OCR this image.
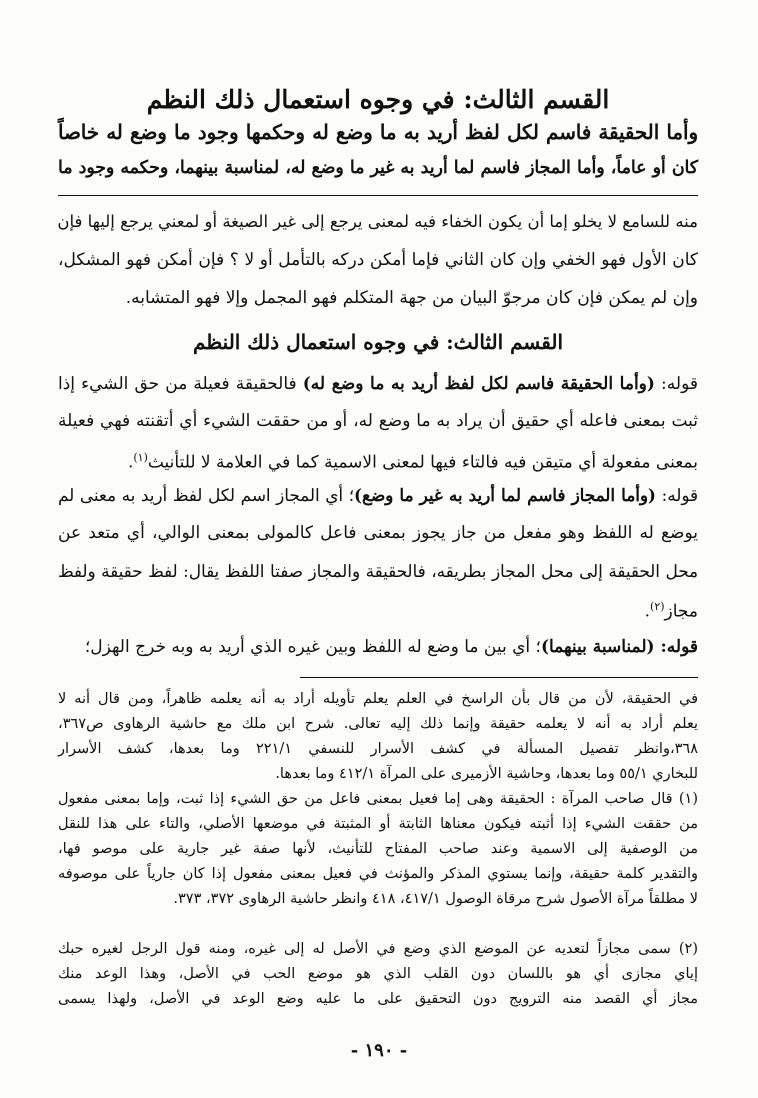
القسم الثالث: في وجوه استعمال ذلك النظم
وأما الحقيقة فاسم لكل لفظ أريد به ما وضع له وحكمها وجود ما وضع له خاصاً
كان أو عاماً، وأما المجاز فاسم لما أريد به غير ما وضع له، لمناسبة بينهما، وحكمه وجود ما
منه للسامع لا يخلو إما أن يكون الخفاء فيه لمعنى يرجع إلى غير الصيغة أو لمعني يرجع إليها فإن
كان الأول فهو الخفي وإن كان الثاني فإما أمكن دركه بالتأمل أو لا ؟ فإن أمكن فهو المشكل،
وإن لم يمكن فإن كان مرجوّ البيان من جهة المتكلم فهو المجمل وإلا فهو المتشابه.
القسم الثالث: في وجوه استعمال ذلك النظم
قوله: (وأما الحقيقة فاسم لكل لفظ أريد به ما وضع له) فالحقيقة فعيلة من حق الشيء إذا
ثبت بمعنى فاعله أي حقيق أن يراد به ما وضع له، أو من حققت الشيء أي أتقنته فهي فعيلة
بمعنى مفعولة أي متيقن فيه فالتاء فيها لمعنى الاسمية كما في العلامة لا للتأنيث$^{(١)}$.
قوله: (وأما المجاز فاسم لما أريد به غير ما وضع)؛ أي المجاز اسم لكل لفظ أريد به معنى لم
يوضع له اللفظ وهو مفعل من جاز يجوز بمعنى فاعل كالمولى بمعنى الوالي، أي متعد عن
محل الحقيقة إلى محل المجاز بطريقه، فالحقيقة والمجاز صفتا اللفظ يقال: لفظ حقيقة ولفظ
مجاز$^{(٢)}$.
قوله: (لمناسبة بينهما)؛ أي بين ما وضع له اللفظ وبين غيره الذي أريد به وبه خرج الهزل؛
في الحقيقة، لأن من قال بأن الراسخ في العلم يعلم تأويله أراد به أنه يعلمه ظاهراً، ومن قال أنه لا
يعلم أراد به أنه لا يعلمه حقيقة وإنما ذلك إليه تعالى. شرح ابن ملك مع حاشية الرهاوى ص٣٦٧،
٣٦٨،وانظر تفصيل المسألة في كشف الأسرار للنسفي ٢٢١/١ وما بعدها، كشف الأسرار
للبخاري ٥٥/١ وما بعدها، وحاشية الأزميرى على المرآة ٤١٢/١ وما بعدها.
(١) قال صاحب المرآة : الحقيقة وهى إما فعيل بمعنى فاعل من حق الشيء إذا ثبت، وإما بمعنى مفعول
من حققت الشيء إذا أثبته فيكون معناها الثابتة أو المثبتة في موضعها الأصلي، والتاء على هذا للنقل
من الوصفية إلى الاسمية وعند صاحب المفتاح للتأنيث، لأنها صفة غير جارية على موصو فها،
والتقدير كلمة حقيقة، وإنما يستوي المذكر والمؤنث في فعيل بمعنى مفعول إذا كان جارياً على موصوفه
لا مطلقاً مرآة الأصول شرح مرقاة الوصول ٤١٧/١، ٤١٨ وانظر حاشية الرهاوى ٣٧٢، ٣٧٣.
(٢) سمى مجازاً لتعديه عن الموضع الذي وضع في الأصل له إلى غيره، ومنه قول الرجل لغيره حبك
إياي مجازى أي هو باللسان دون القلب الذي هو موضع الحب في الأصل، وهذا الوعد منك
مجاز أي القصد منه الترويج دون التحقيق على ما عليه وضع الوعد في الأصل، ولهذا يسمى
- ١٩٠ -
